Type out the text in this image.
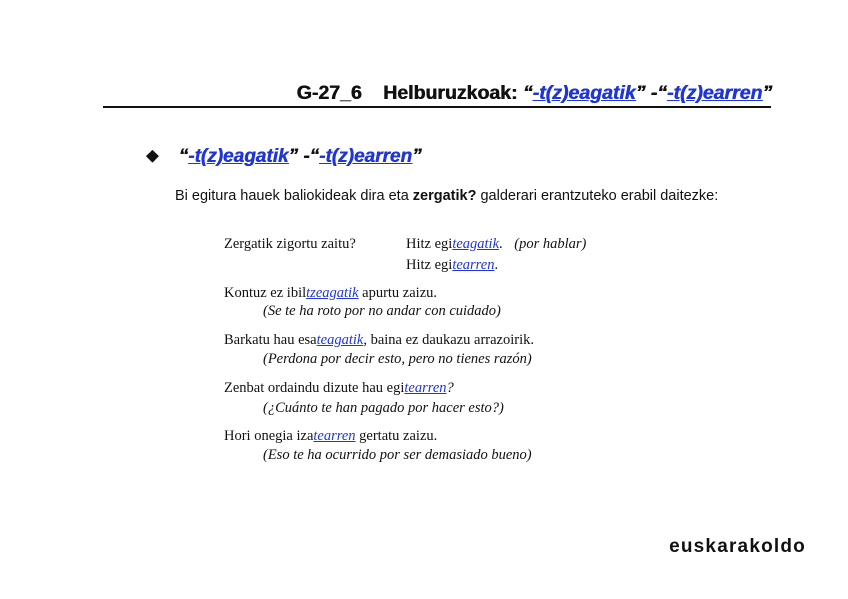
G-27_6 Helburuzkoak: “-t(z)eagatik” -“-t(z)earren”
❖ “-t(z)eagatik” -“-t(z)earren”
Bi egitura hauek baliokideak dira eta zergatik? galderari erantzuteko erabil daitezke:
Zergatik zigortu zaitu?	Hitz egiteagatik. (por hablar)
Hitz egitearren.
Kontuz ez ibiltzeagatik apurtu zaizu.
(Se te ha roto por no andar con cuidado)
Barkatu hau esateagatik, baina ez daukazu arrazoirik.
(Perdona por decir esto, pero no tienes razón)
Zenbat ordaindu dizute hau egitearren?
(¿Cuánto te han pagado por hacer esto?)
Hori onegia izatearren gertatu zaizu.
(Eso te ha ocurrido por ser demasiado bueno)
euskarakoldo
